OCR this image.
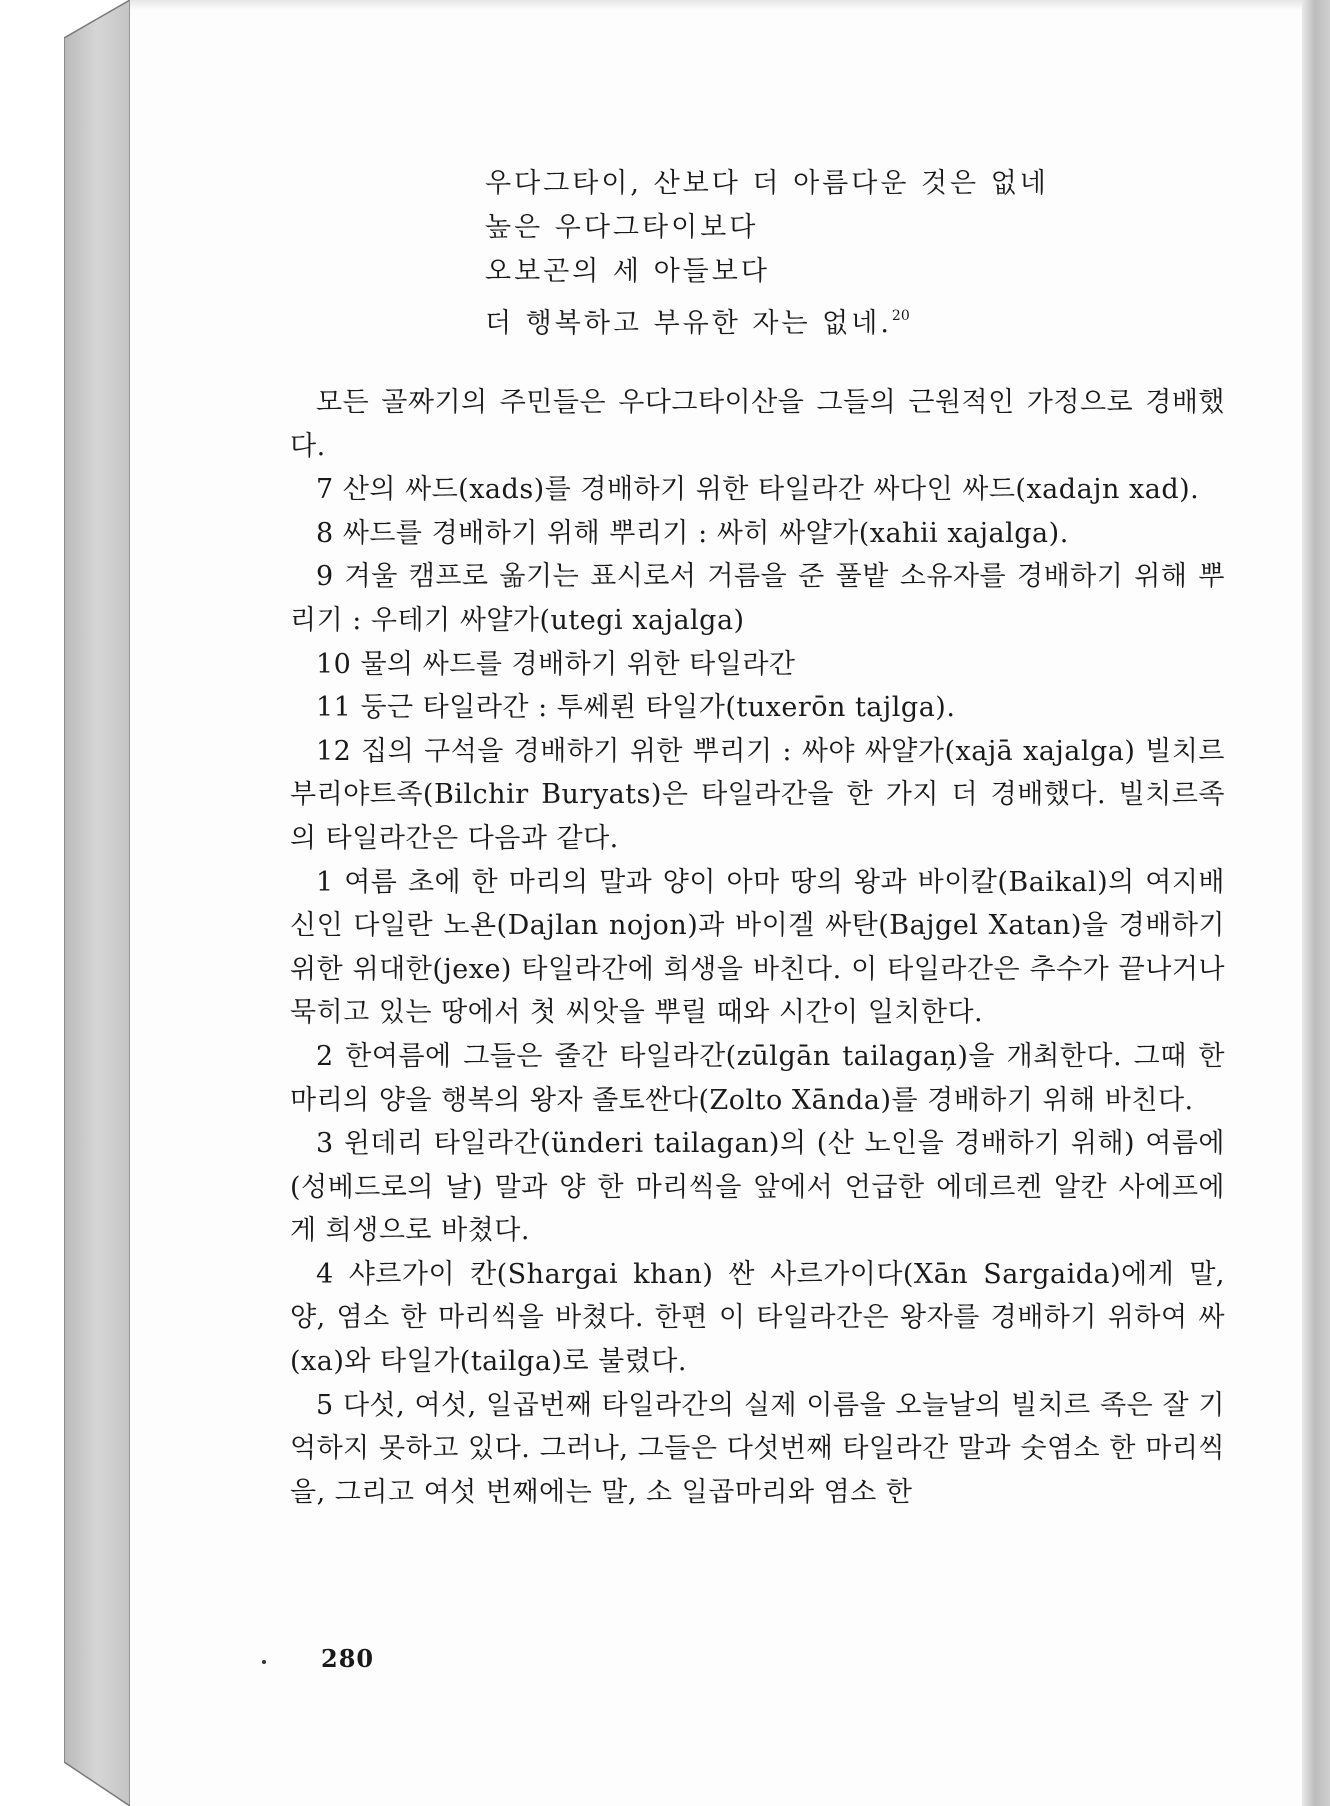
우다그타이, 산보다 더 아름다운 것은 없네
높은 우다그타이보다
오보곤의 세 아들보다
더 행복하고 부유한 자는 없네.$^{20}$

모든 골짜기의 주민들은 우다그타이산을 그들의 근원적인 가정으로 경배했다.

7 산의 싸드(xads)를 경배하기 위한 타일라간 싸다인 싸드(xadajn xad).

8 싸드를 경배하기 위해 뿌리기 : 싸히 싸얄가(xahii xajalga).

9 겨울 캠프로 옮기는 표시로서 거름을 준 풀밭 소유자를 경배하기 위해 뿌리기 : 우테기 싸얄가(utegi xajalga)

10 물의 싸드를 경배하기 위한 타일라간

11 둥근 타일라간 : 투쎄뢴 타일가(tuxerōn tajlga).

12 집의 구석을 경배하기 위한 뿌리기 : 싸야 싸얄가(xajā xajalga) 빌치르 부리야트족(Bilchir Buryats)은 타일라간을 한 가지 더 경배했다. 빌치르족의 타일라간은 다음과 같다.

1 여름 초에 한 마리의 말과 양이 아마 땅의 왕과 바이칼(Baikal)의 여지배신인 다일란 노욘(Dajlan nojon)과 바이겔 싸탄(Bajgel Xatan)을 경배하기 위한 위대한(jexe) 타일라간에 희생을 바친다. 이 타일라간은 추수가 끝나거나 묵히고 있는 땅에서 첫 씨앗을 뿌릴 때와 시간이 일치한다.

2 한여름에 그들은 줄간 타일라간(zūlgān tailagaņ)을 개최한다. 그때 한 마리의 양을 행복의 왕자 졸토싼다(Zolto Xānda)를 경배하기 위해 바친다.

3 윈데리 타일라간(ünderi tailagan)의 (산 노인을 경배하기 위해) 여름에(성베드로의 날) 말과 양 한 마리씩을 앞에서 언급한 에데르켄 알칸 사에프에게 희생으로 바쳤다.

4 샤르가이 칸(Shargai khan) 싼 사르가이다(Xān Sargaida)에게 말, 양, 염소 한 마리씩을 바쳤다. 한편 이 타일라간은 왕자를 경배하기 위하여 싸(xa)와 타일가(tailga)로 불렸다.

5 다섯, 여섯, 일곱번째 타일라간의 실제 이름을 오늘날의 빌치르 족은 잘 기억하지 못하고 있다. 그러나, 그들은 다섯번째 타일라간 말과 숫염소 한 마리씩을, 그리고 여섯 번째에는 말, 소 일곱마리와 염소 한

280
